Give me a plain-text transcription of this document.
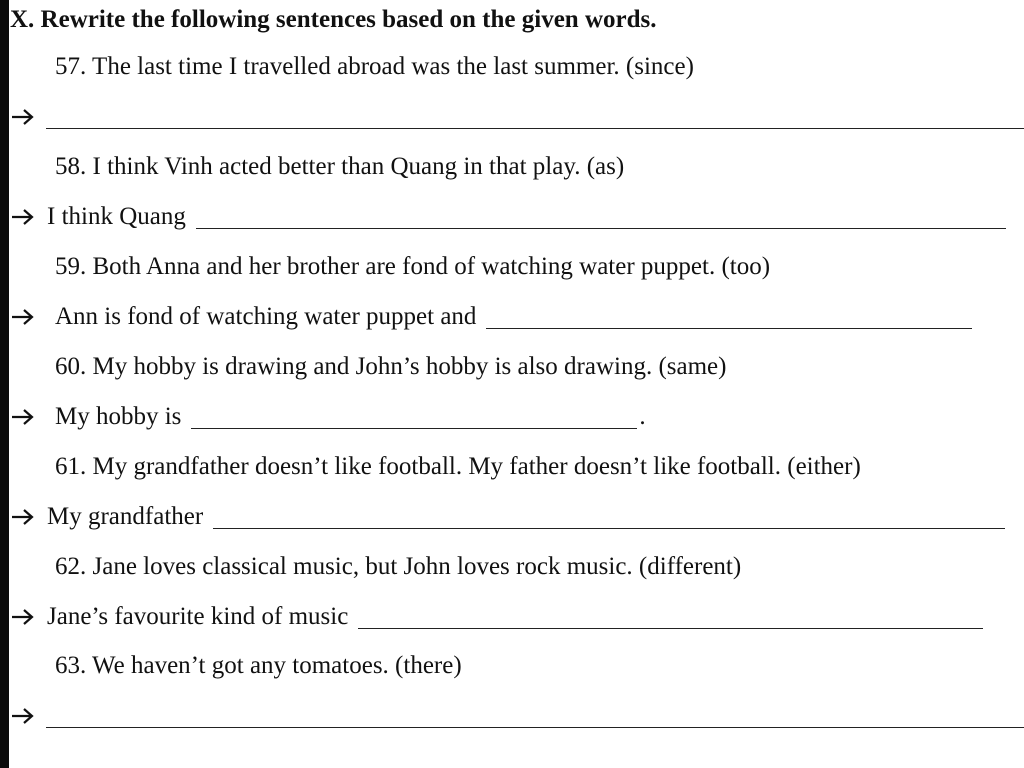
X. Rewrite the following sentences based on the given words.
57. The last time I travelled abroad was the last summer. (since)
58. I think Vinh acted better than Quang in that play. (as)
I think Quang
59. Both Anna and her brother are fond of watching water puppet. (too)
Ann is fond of watching water puppet and
60. My hobby is drawing and John’s hobby is also drawing. (same)
My hobby is	.
61. My grandfather doesn’t like football. My father doesn’t like football. (either)
My grandfather
62. Jane loves classical music, but John loves rock music. (different)
Jane’s favourite kind of music
63. We haven’t got any tomatoes. (there)
